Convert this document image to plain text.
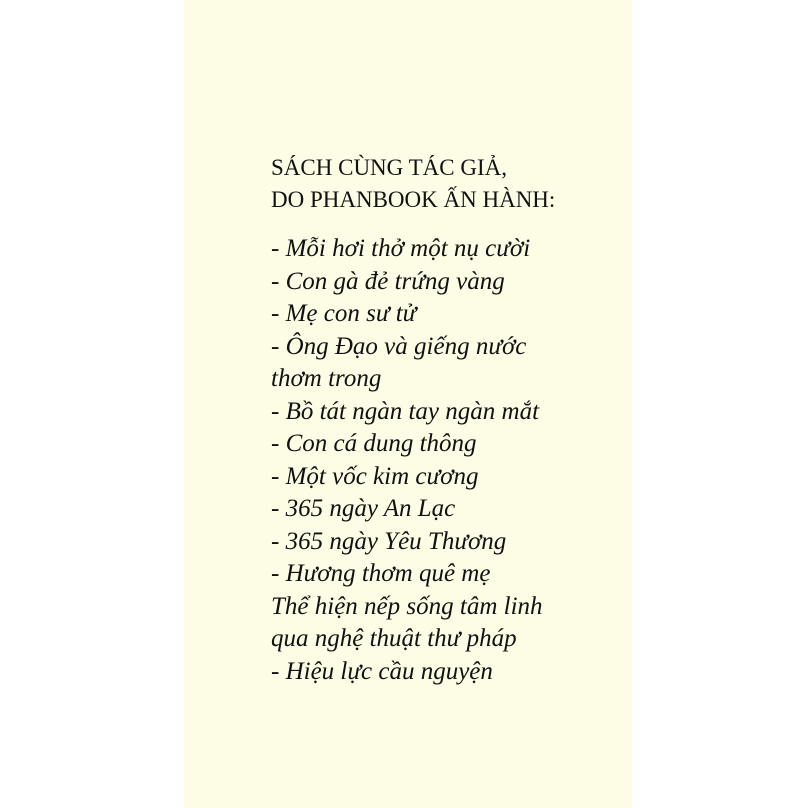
SÁCH CÙNG TÁC GIẢ,
DO PHANBOOK ẤN HÀNH:
- Mỗi hơi thở một nụ cười
- Con gà đẻ trứng vàng
- Mẹ con sư tử
- Ông Đạo và giếng nước
thơm trong
- Bồ tát ngàn tay ngàn mắt
- Con cá dung thông
- Một vốc kim cương
- 365 ngày An Lạc
- 365 ngày Yêu Thương
- Hương thơm quê mẹ
Thể hiện nếp sống tâm linh
qua nghệ thuật thư pháp
- Hiệu lực cầu nguyện
